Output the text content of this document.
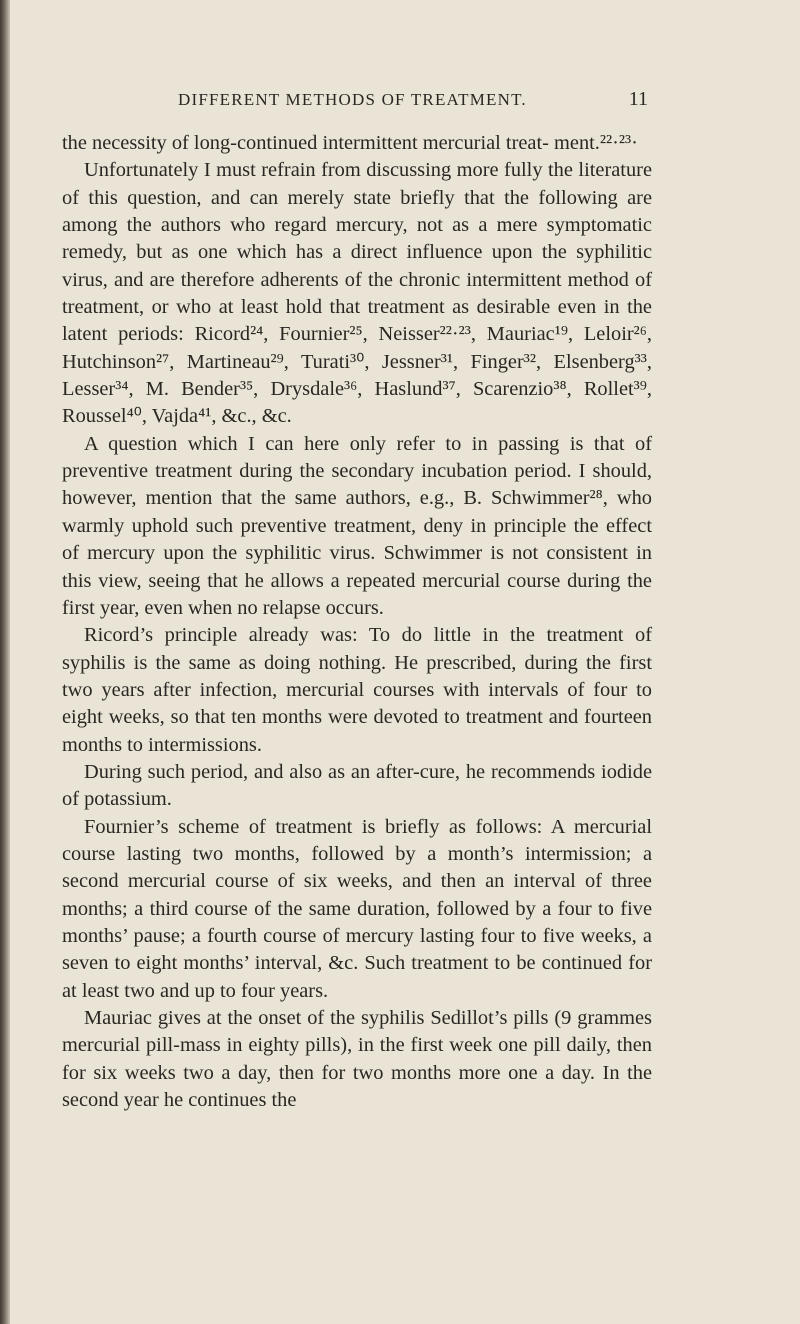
DIFFERENT METHODS OF TREATMENT.	11

the necessity of long-continued intermittent mercurial treat- ment.²²·²³·

Unfortunately I must refrain from discussing more fully the literature of this question, and can merely state briefly that the following are among the authors who regard mercury, not as a mere symptomatic remedy, but as one which has a direct influence upon the syphilitic virus, and are therefore adherents of the chronic intermittent method of treatment, or who at least hold that treatment as desirable even in the latent periods: Ricord²⁴, Fournier²⁵, Neisser²²·²³, Mauriac¹⁹, Leloir²⁶, Hutchinson²⁷, Martineau²⁹, Turati³⁰, Jessner³¹, Finger³², Elsenberg³³, Lesser³⁴, M. Bender³⁵, Drysdale³⁶, Haslund³⁷, Scarenzio³⁸, Rollet³⁹, Roussel⁴⁰, Vajda⁴¹, &c., &c.

A question which I can here only refer to in passing is that of preventive treatment during the secondary incubation period. I should, however, mention that the same authors, e.g., B. Schwimmer²⁸, who warmly uphold such preventive treatment, deny in principle the effect of mercury upon the syphilitic virus. Schwimmer is not consistent in this view, seeing that he allows a repeated mercurial course during the first year, even when no relapse occurs.

Ricord’s principle already was: To do little in the treatment of syphilis is the same as doing nothing. He prescribed, during the first two years after infection, mercurial courses with intervals of four to eight weeks, so that ten months were devoted to treatment and fourteen months to intermissions.

During such period, and also as an after-cure, he recommends iodide of potassium.

Fournier’s scheme of treatment is briefly as follows: A mercurial course lasting two months, followed by a month’s intermission; a second mercurial course of six weeks, and then an interval of three months; a third course of the same duration, followed by a four to five months’ pause; a fourth course of mercury lasting four to five weeks, a seven to eight months’ interval, &c. Such treatment to be continued for at least two and up to four years.

Mauriac gives at the onset of the syphilis Sedillot’s pills (9 grammes mercurial pill-mass in eighty pills), in the first week one pill daily, then for six weeks two a day, then for two months more one a day. In the second year he continues the
